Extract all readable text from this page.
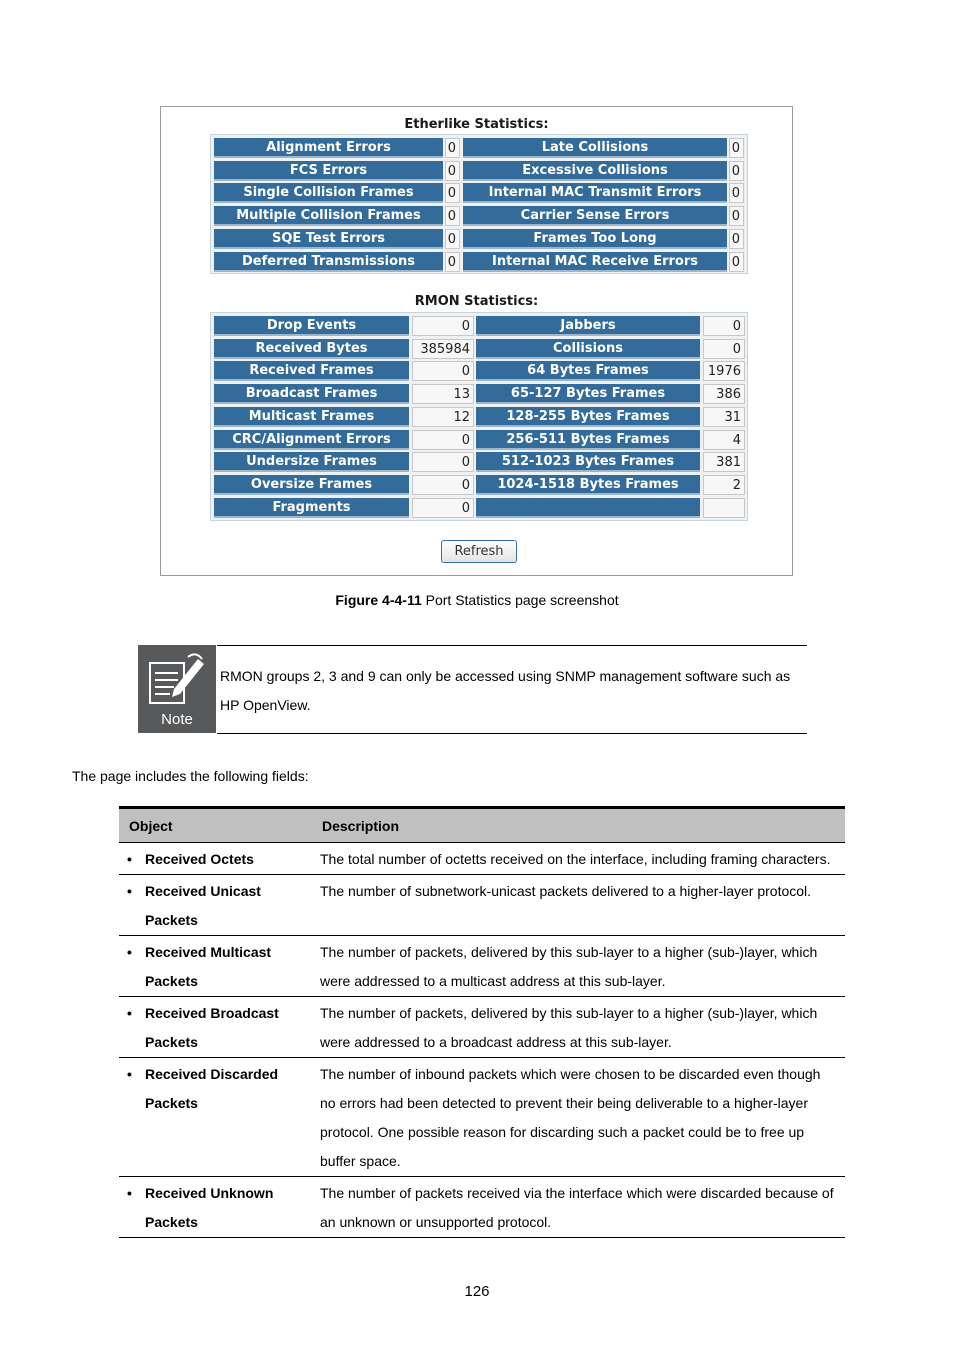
Etherlike Statistics:
Alignment Errors	0	Late Collisions	0
FCS Errors	0	Excessive Collisions	0
Single Collision Frames	0	Internal MAC Transmit Errors	0
Multiple Collision Frames	0	Carrier Sense Errors	0
SQE Test Errors	0	Frames Too Long	0
Deferred Transmissions	0	Internal MAC Receive Errors	0
RMON Statistics:
Drop Events	0	Jabbers	0
Received Bytes	385984	Collisions	0
Received Frames	0	64 Bytes Frames	1976
Broadcast Frames	13	65-127 Bytes Frames	386
Multicast Frames	12	128-255 Bytes Frames	31
CRC/Alignment Errors	0	256-511 Bytes Frames	4
Undersize Frames	0	512-1023 Bytes Frames	381
Oversize Frames	0	1024-1518 Bytes Frames	2
Fragments	0
Refresh
Figure 4-4-11 Port Statistics page screenshot
Note
RMON groups 2, 3 and 9 can only be accessed using SNMP management software such as HP OpenView.
The page includes the following fields:
Object	Description
• Received Octets	The total number of octetts received on the interface, including framing characters.
• Received Unicast Packets	The number of subnetwork-unicast packets delivered to a higher-layer protocol.
• Received Multicast Packets	The number of packets, delivered by this sub-layer to a higher (sub-)layer, which were addressed to a multicast address at this sub-layer.
• Received Broadcast Packets	The number of packets, delivered by this sub-layer to a higher (sub-)layer, which were addressed to a broadcast address at this sub-layer.
• Received Discarded Packets	The number of inbound packets which were chosen to be discarded even though no errors had been detected to prevent their being deliverable to a higher-layer protocol. One possible reason for discarding such a packet could be to free up buffer space.
• Received Unknown Packets	The number of packets received via the interface which were discarded because of an unknown or unsupported protocol.
126
